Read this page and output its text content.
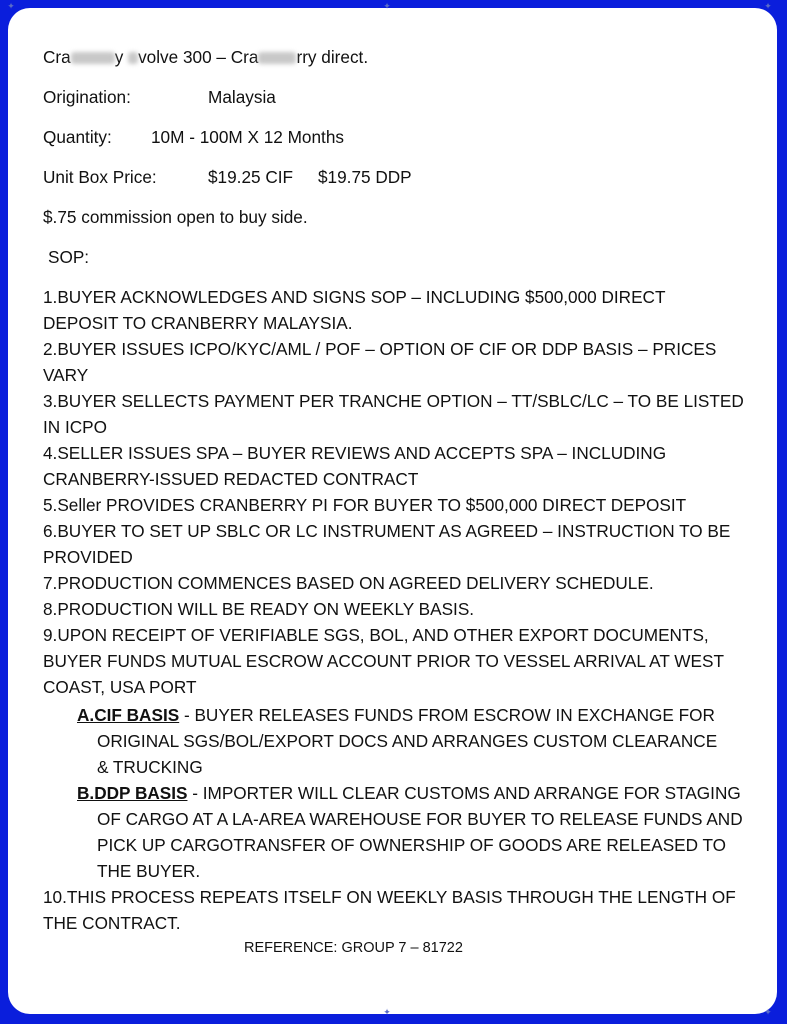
✦	✦	✦
✦	✦
Cra	y volve 300 – Cra rry direct.
Origination:	Malaysia
Quantity: 10M - 100M X 12 Months
Unit Box Price:	$19.25 CIF $19.75 DDP
$.75 commission open to buy side.
SOP:
1.BUYER ACKNOWLEDGES AND SIGNS SOP – INCLUDING $500,000 DIRECT
DEPOSIT TO CRANBERRY MALAYSIA.
2.BUYER ISSUES ICPO/KYC/AML / POF – OPTION OF CIF OR DDP BASIS – PRICES
VARY
3.BUYER SELLECTS PAYMENT PER TRANCHE OPTION – TT/SBLC/LC – TO BE LISTED
IN ICPO
4.SELLER ISSUES SPA – BUYER REVIEWS AND ACCEPTS SPA – INCLUDING
CRANBERRY-ISSUED REDACTED CONTRACT
5.Seller PROVIDES CRANBERRY PI FOR BUYER TO $500,000 DIRECT DEPOSIT
6.BUYER TO SET UP SBLC OR LC INSTRUMENT AS AGREED – INSTRUCTION TO BE
PROVIDED
7.PRODUCTION COMMENCES BASED ON AGREED DELIVERY SCHEDULE.
8.PRODUCTION WILL BE READY ON WEEKLY BASIS.
9.UPON RECEIPT OF VERIFIABLE SGS, BOL, AND OTHER EXPORT DOCUMENTS,
BUYER FUNDS MUTUAL ESCROW ACCOUNT PRIOR TO VESSEL ARRIVAL AT WEST
COAST, USA PORT
A.CIF BASIS - BUYER RELEASES FUNDS FROM ESCROW IN EXCHANGE FOR
ORIGINAL SGS/BOL/EXPORT DOCS AND ARRANGES CUSTOM CLEARANCE
& TRUCKING
B.DDP BASIS - IMPORTER WILL CLEAR CUSTOMS AND ARRANGE FOR STAGING
OF CARGO AT A LA-AREA WAREHOUSE FOR BUYER TO RELEASE FUNDS AND
PICK UP CARGOTRANSFER OF OWNERSHIP OF GOODS ARE RELEASED TO
THE BUYER.
10.THIS PROCESS REPEATS ITSELF ON WEEKLY BASIS THROUGH THE LENGTH OF
THE CONTRACT.
REFERENCE: GROUP 7 – 81722
